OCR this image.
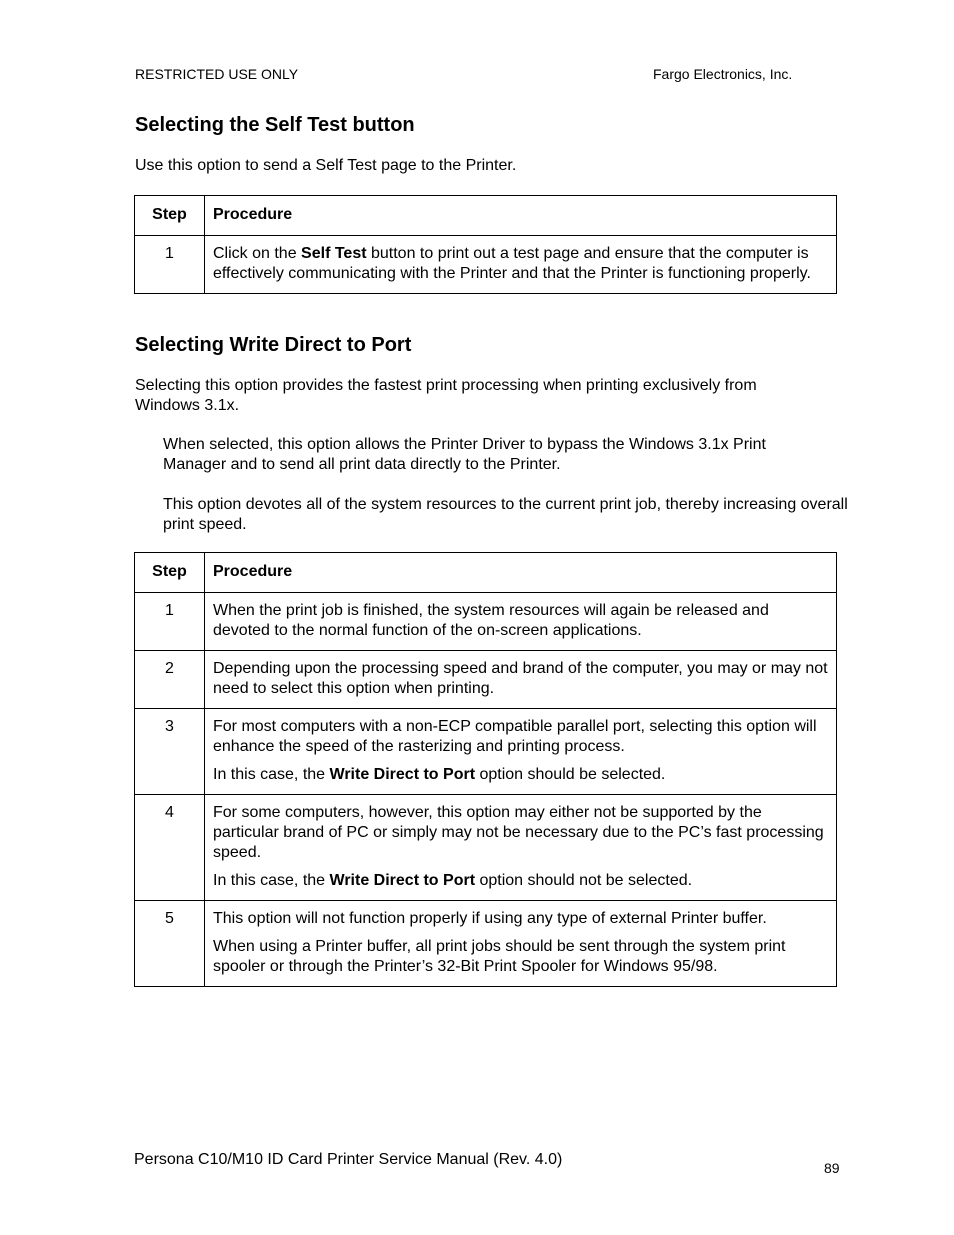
RESTRICTED USE ONLY	Fargo Electronics, Inc.
Selecting the Self Test button

Use this option to send a Self Test page to the Printer.

Step	Procedure
1	Click on the Self Test button to print out a test page and ensure that the computer is effectively communicating with the Printer and that the Printer is functioning properly.

Selecting Write Direct to Port

Selecting this option provides the fastest print processing when printing exclusively from Windows 3.1x.

When selected, this option allows the Printer Driver to bypass the Windows 3.1x Print Manager and to send all print data directly to the Printer.

This option devotes all of the system resources to the current print job, thereby increasing overall print speed.

Step	Procedure
1	When the print job is finished, the system resources will again be released and devoted to the normal function of the on-screen applications.

2	Depending upon the processing speed and brand of the computer, you may or may not need to select this option when printing.

3	For most computers with a non-ECP compatible parallel port, selecting this option will enhance the speed of the rasterizing and printing process.

In this case, the Write Direct to Port option should be selected.

4	For some computers, however, this option may either not be supported by the particular brand of PC or simply may not be necessary due to the PC’s fast processing speed.

In this case, the Write Direct to Port option should not be selected.

5	This option will not function properly if using any type of external Printer buffer.

When using a Printer buffer, all print jobs should be sent through the system print spooler or through the Printer’s 32-Bit Print Spooler for Windows 95/98.

Persona C10/M10 ID Card Printer Service Manual (Rev. 4.0)	89
